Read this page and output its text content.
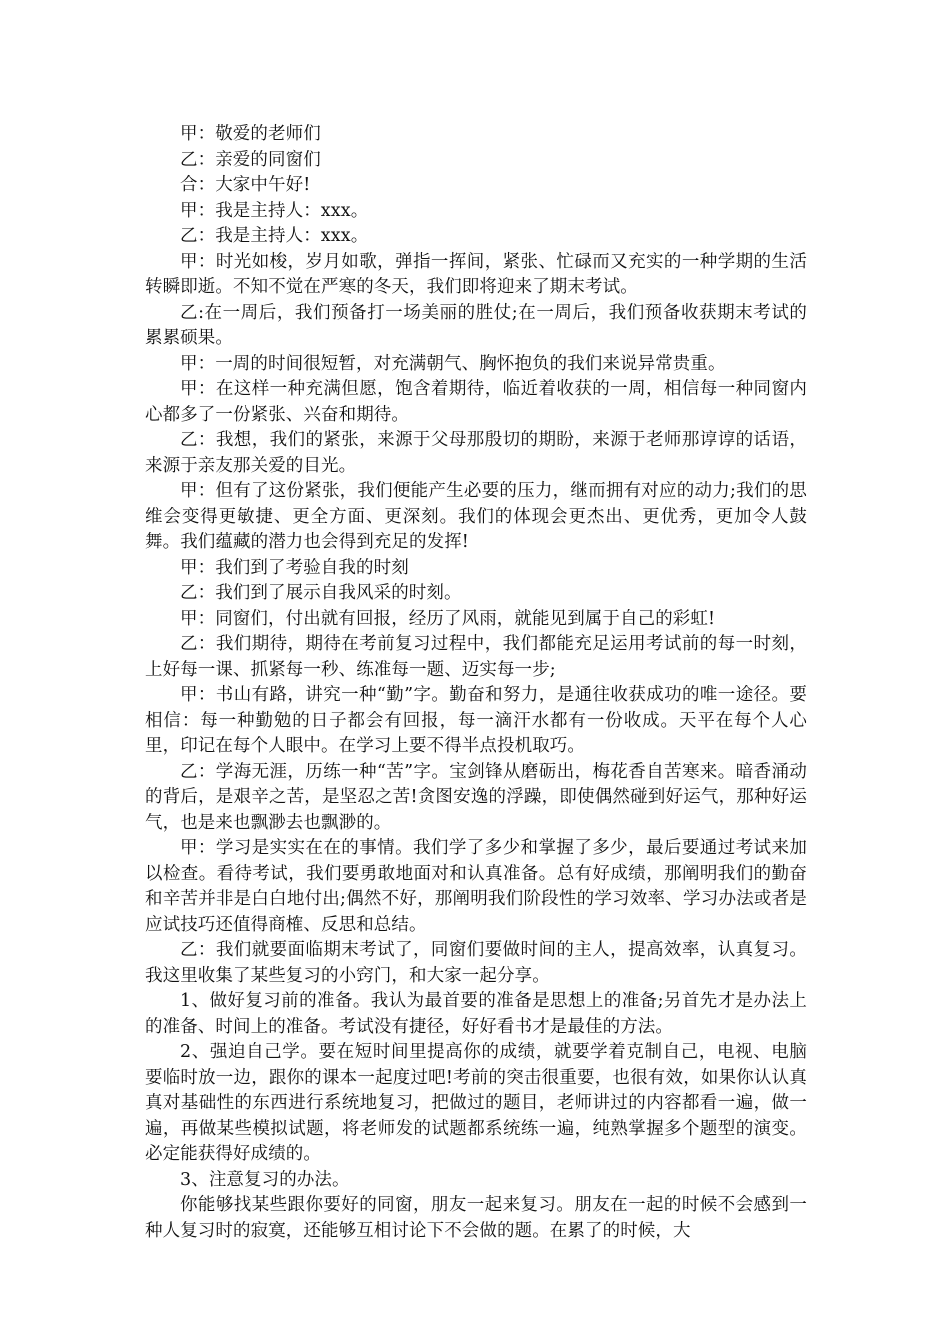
甲：敬爱的老师们

乙：亲爱的同窗们

合：大家中午好!

甲：我是主持人：xxx。

乙：我是主持人：xxx。

甲：时光如梭，岁月如歌，弹指一挥间，紧张、忙碌而又充实的一种学期的生活转瞬即逝。不知不觉在严寒的冬天，我们即将迎来了期末考试。

乙:在一周后，我们预备打一场美丽的胜仗;在一周后，我们预备收获期末考试的累累硕果。

甲：一周的时间很短暂，对充满朝气、胸怀抱负的我们来说异常贵重。

甲：在这样一种充满但愿，饱含着期待，临近着收获的一周，相信每一种同窗内心都多了一份紧张、兴奋和期待。

乙：我想，我们的紧张，来源于父母那殷切的期盼，来源于老师那谆谆的话语，来源于亲友那关爱的目光。

甲：但有了这份紧张，我们便能产生必要的压力，继而拥有对应的动力;我们的思维会变得更敏捷、更全方面、更深刻。我们的体现会更杰出、更优秀，更加令人鼓舞。我们蕴藏的潜力也会得到充足的发挥!

甲：我们到了考验自我的时刻

乙：我们到了展示自我风采的时刻。

甲：同窗们，付出就有回报，经历了风雨，就能见到属于自己的彩虹!

乙：我们期待，期待在考前复习过程中，我们都能充足运用考试前的每一时刻，上好每一课、抓紧每一秒、练准每一题、迈实每一步;

甲：书山有路，讲究一种“勤”字。勤奋和努力，是通往收获成功的唯一途径。要相信：每一种勤勉的日子都会有回报，每一滴汗水都有一份收成。天平在每个人心里，印记在每个人眼中。在学习上要不得半点投机取巧。

乙：学海无涯，历练一种“苦”字。宝剑锋从磨砺出，梅花香自苦寒来。暗香涌动的背后，是艰辛之苦，是坚忍之苦!贪图安逸的浮躁，即使偶然碰到好运气，那种好运气，也是来也飘渺去也飘渺的。

甲：学习是实实在在的事情。我们学了多少和掌握了多少，最后要通过考试来加以检查。看待考试，我们要勇敢地面对和认真准备。总有好成绩，那阐明我们的勤奋和辛苦并非是白白地付出;偶然不好，那阐明我们阶段性的学习效率、学习办法或者是应试技巧还值得商榷、反思和总结。

乙：我们就要面临期末考试了，同窗们要做时间的主人，提高效率，认真复习。我这里收集了某些复习的小窍门，和大家一起分享。

1、做好复习前的准备。我认为最首要的准备是思想上的准备;另首先才是办法上的准备、时间上的准备。考试没有捷径，好好看书才是最佳的方法。

2、强迫自己学。要在短时间里提高你的成绩，就要学着克制自己，电视、电脑要临时放一边，跟你的课本一起度过吧!考前的突击很重要，也很有效，如果你认认真真对基础性的东西进行系统地复习，把做过的题目，老师讲过的内容都看一遍，做一遍，再做某些模拟试题，将老师发的试题都系统练一遍，纯熟掌握多个题型的演变。必定能获得好成绩的。

3、注意复习的办法。

你能够找某些跟你要好的同窗，朋友一起来复习。朋友在一起的时候不会感到一种人复习时的寂寞，还能够互相讨论下不会做的题。在累了的时候，大
